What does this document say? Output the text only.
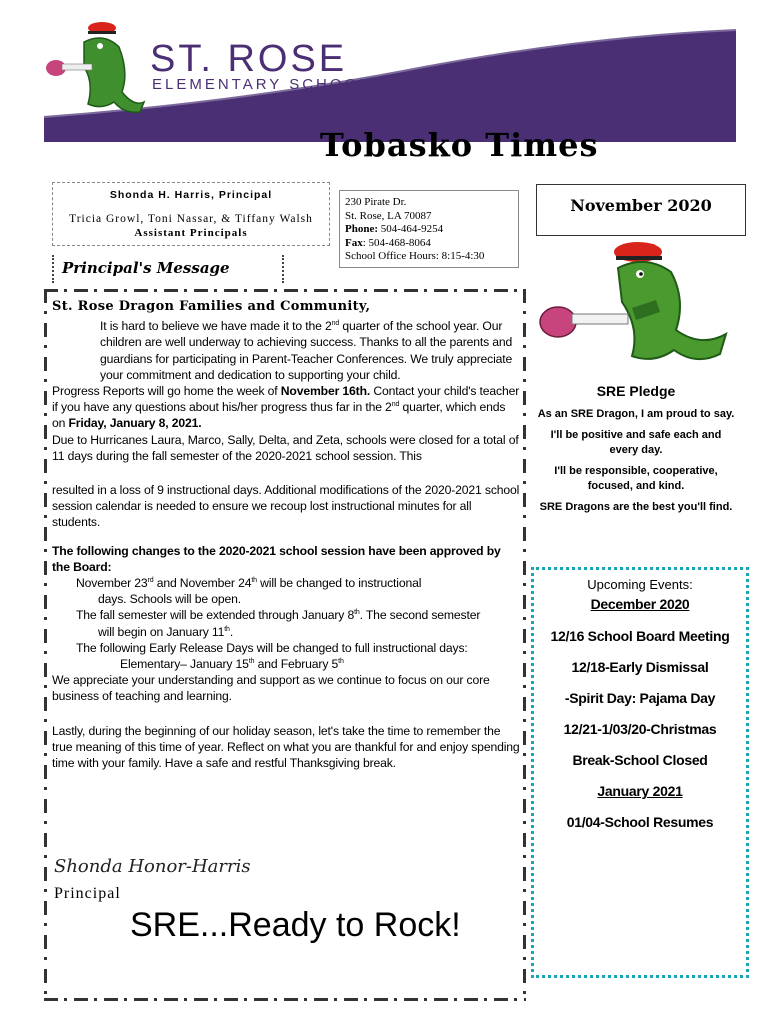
ST. ROSE
ELEMENTARY SCHOOL
Tobasko Times
Shonda H. Harris, Principal
Tricia Growl, Toni Nassar, & Tiffany Walsh
Assistant Principals
230 Pirate Dr.
St. Rose, LA 70087
Phone: 504-464-9254
Fax: 504-468-8064
School Office Hours: 8:15-4:30
November 2020
Principal's Message
St. Rose Dragon Families and Community,

It is hard to believe we have made it to the 2nd quarter of the school year. Our children are well underway to achieving success. Thanks to all the parents and guardians for participating in Parent-Teacher Conferences. We truly appreciate your commitment and dedication to supporting your child.

Progress Reports will go home the week of November 16th. Contact your child's teacher if you have any questions about his/her progress thus far in the 2nd quarter, which ends on Friday, January 8, 2021.

Due to Hurricanes Laura, Marco, Sally, Delta, and Zeta, schools were closed for a total of 11 days during the fall semester of the 2020-2021 school session. This

resulted in a loss of 9 instructional days. Additional modifications of the 2020-2021 school session calendar is needed to ensure we recoup lost instructional minutes for all students.

The following changes to the 2020-2021 school session have been approved by the Board:

November 23rd and November 24th will be changed to instructional

days. Schools will be open.

The fall semester will be extended through January 8th. The second semester

will begin on January 11th.

The following Early Release Days will be changed to full instructional days:

Elementary– January 15th and February 5th

We appreciate your understanding and support as we continue to focus on our core business of teaching and learning.

Lastly, during the beginning of our holiday season, let's take the time to remember the true meaning of this time of year. Reflect on what you are thankful for and enjoy spending time with your family. Have a safe and restful Thanksgiving break.

Shonda Honor-Harris
Principal
SRE...Ready to Rock!
SRE Pledge

As an SRE Dragon, I am proud to say.

I'll be positive and safe each and every day.

I'll be responsible, cooperative, focused, and kind.

SRE Dragons are the best you'll find.

Upcoming Events:
December 2020
12/16 School Board Meeting
12/18-Early Dismissal
-Spirit Day: Pajama Day
12/21-1/03/20-Christmas
Break-School Closed
January 2021
01/04-School Resumes
